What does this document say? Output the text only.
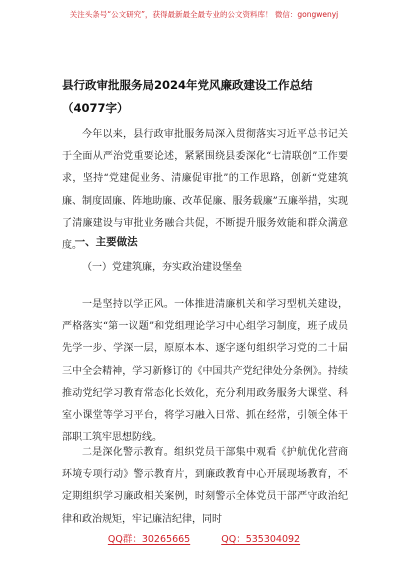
关注头条号“公文研究”，获得最新最全最专业的公文资料库！ 微信：gongwenyj
县行政审批服务局2024年党风廉政建设工作总结（4077字）

今年以来，县行政审批服务局深入贯彻落实习近平总书记关于全面从严治党重要论述，紧紧围绕县委深化“七清联创”工作要求，坚持“党建促业务、清廉促审批”的工作思路，创新“党建筑廉、制度固廉、阵地助廉、改革促廉、服务载廉”五廉举措，实现了清廉建设与审批业务融合共促，不断提升服务效能和群众满意度。

一、主要做法
（一）党建筑廉，夯实政治建设堡垒

一是坚持以学正风。一体推进清廉机关和学习型机关建设，严格落实“第一议题”和党组理论学习中心组学习制度，班子成员先学一步、学深一层，原原本本、逐字逐句组织学习党的二十届三中全会精神，学习新修订的《中国共产党纪律处分条例》。持续推动党纪学习教育常态化长效化，充分利用政务服务大课堂、科室小课堂等学习平台，将学习融入日常、抓在经常，引领全体干部职工筑牢思想防线。

二是深化警示教育。组织党员干部集中观看《护航优化营商环境专项行动》警示教育片，到廉政教育中心开展现场教育，不定期组织学习廉政相关案例，时刻警示全体党员干部严守政治纪律和政治规矩，牢记廉洁纪律，同时

QQ群：30265665	QQ：535304092
